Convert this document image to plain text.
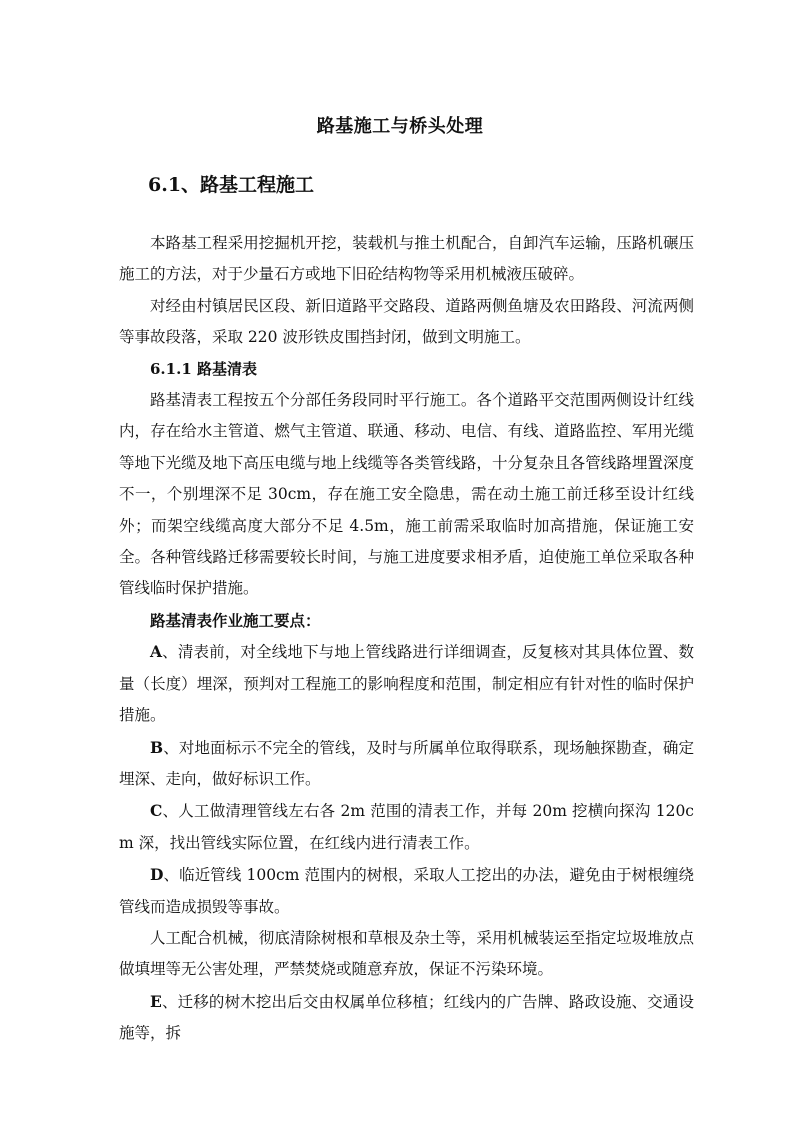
路基施工与桥头处理
6.1、路基工程施工

本路基工程采用挖掘机开挖，装载机与推土机配合，自卸汽车运输，压路机碾压施工的方法，对于少量石方或地下旧砼结构物等采用机械液压破碎。

对经由村镇居民区段、新旧道路平交路段、道路两侧鱼塘及农田路段、河流两侧等事故段落，采取 220 波形铁皮围挡封闭，做到文明施工。

6.1.1 路基清表

路基清表工程按五个分部任务段同时平行施工。各个道路平交范围两侧设计红线内，存在给水主管道、燃气主管道、联通、移动、电信、有线、道路监控、军用光缆等地下光缆及地下高压电缆与地上线缆等各类管线路，十分复杂且各管线路埋置深度不一，个别埋深不足 30cm，存在施工安全隐患，需在动土施工前迁移至设计红线外；而架空线缆高度大部分不足 4.5m，施工前需采取临时加高措施，保证施工安全。各种管线路迁移需要较长时间，与施工进度要求相矛盾，迫使施工单位采取各种管线临时保护措施。

路基清表作业施工要点：

A、清表前，对全线地下与地上管线路进行详细调查，反复核对其具体位置、数量（长度）埋深，预判对工程施工的影响程度和范围，制定相应有针对性的临时保护措施。

B、对地面标示不完全的管线，及时与所属单位取得联系，现场触探勘查，确定埋深、走向，做好标识工作。

C、人工做清理管线左右各 2m 范围的清表工作，并每 20m 挖横向探沟 120cm 深，找出管线实际位置，在红线内进行清表工作。

D、临近管线 100cm 范围内的树根，采取人工挖出的办法，避免由于树根缠绕管线而造成损毁等事故。

人工配合机械，彻底清除树根和草根及杂土等，采用机械装运至指定垃圾堆放点做填埋等无公害处理，严禁焚烧或随意弃放，保证不污染环境。

E、迁移的树木挖出后交由权属单位移植；红线内的广告牌、路政设施、交通设施等，拆
